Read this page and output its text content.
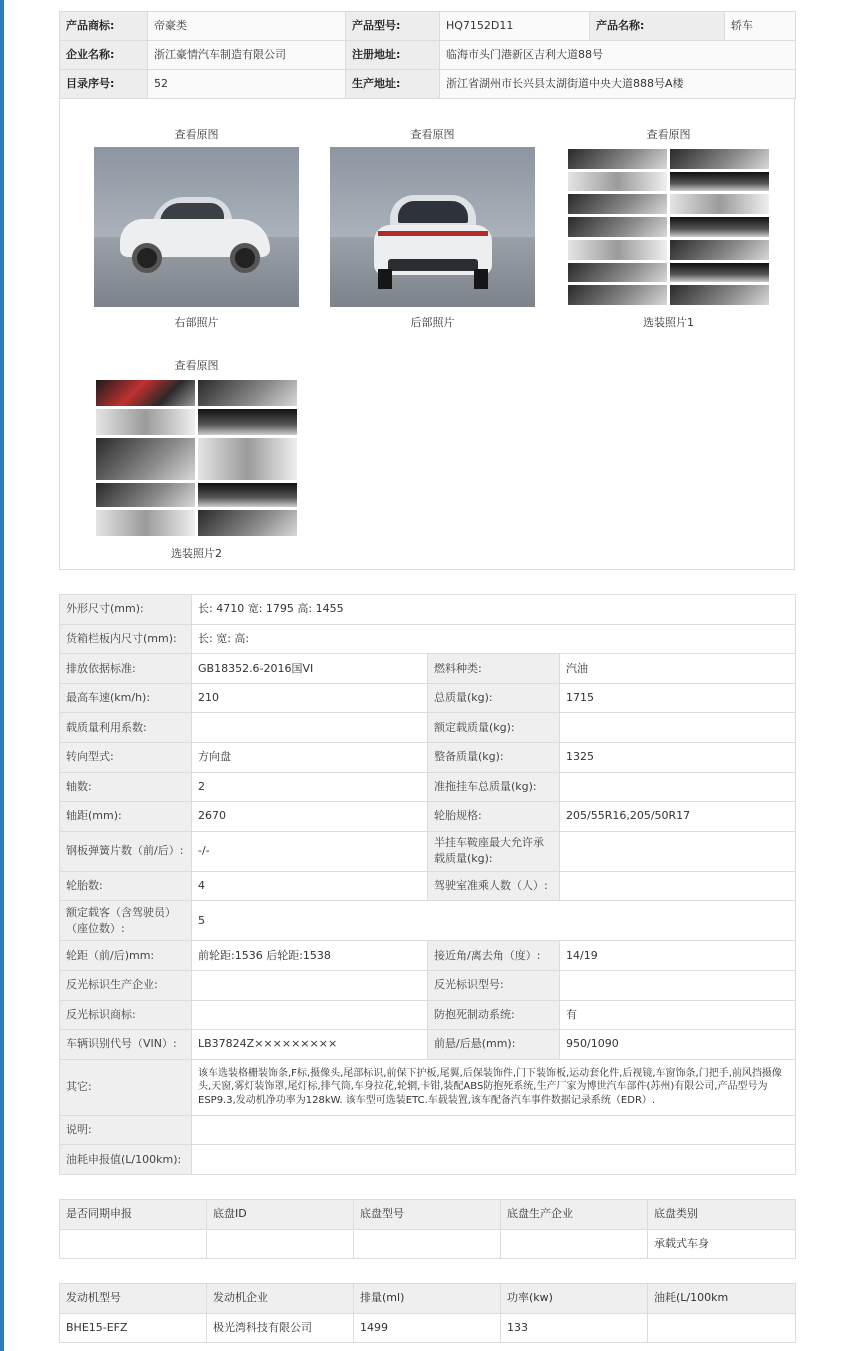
产品商标:	帝豪类	产品型号:	HQ7152D11	产品名称:	轿车
企业名称:	浙江豪情汽车制造有限公司	注册地址:	临海市头门港新区吉利大道88号		
目录序号:	52	生产地址:	浙江省湖州市长兴县太湖街道中央大道888号A楼		
查看原图
右部照片
查看原图
后部照片
查看原图
选装照片1
查看原图
选装照片2
外形尺寸(mm):	长: 4710 宽: 1795 高: 1455		
货箱栏板内尺寸(mm):	长: 宽: 高:		
排放依据标准:	GB18352.6-2016国VI	燃料种类:	汽油
最高车速(km/h):	210	总质量(kg):	1715
载质量利用系数:		额定载质量(kg):	
转向型式:	方向盘	整备质量(kg):	1325
轴数:	2	准拖挂车总质量(kg):	
轴距(mm):	2670	轮胎规格:	205/55R16,205/50R17
钢板弹簧片数（前/后）:	-/-	半挂车鞍座最大允许承载质量(kg):	
轮胎数:	4	驾驶室准乘人数（人）:	
额定载客（含驾驶员）（座位数）:	5		
轮距（前/后)mm:	前轮距:1536 后轮距:1538	接近角/离去角（度）:	14/19
反光标识生产企业:		反光标识型号:	
反光标识商标:		防抱死制动系统:	有
车辆识别代号（VIN）:	LB37824Z×××××××××	前悬/后悬(mm):	950/1090
其它:	该车选装格栅装饰条,F标,摄像头,尾部标识,前保下护板,尾翼,后保装饰件,门下装饰板,运动套化件,后视镜,车窗饰条,门把手,前风挡摄像头,天窗,雾灯装饰罩,尾灯标,排气筒,车身拉花,轮辋,卡钳,装配ABS防抱死系统,生产厂家为博世汽车部件(苏州)有限公司,产品型号为ESP9.3,发动机净功率为128kW. 该车型可选装ETC.车载装置,该车配备汽车事件数据记录系统（EDR）.		
说明:			
油耗申报值(L/100km):			
是否同期申报	底盘ID	底盘型号	底盘生产企业	底盘类别
				承载式车身
发动机型号	发动机企业	排量(ml)	功率(kw)	油耗(L/100km
BHE15-EFZ	极光湾科技有限公司	1499	133	
